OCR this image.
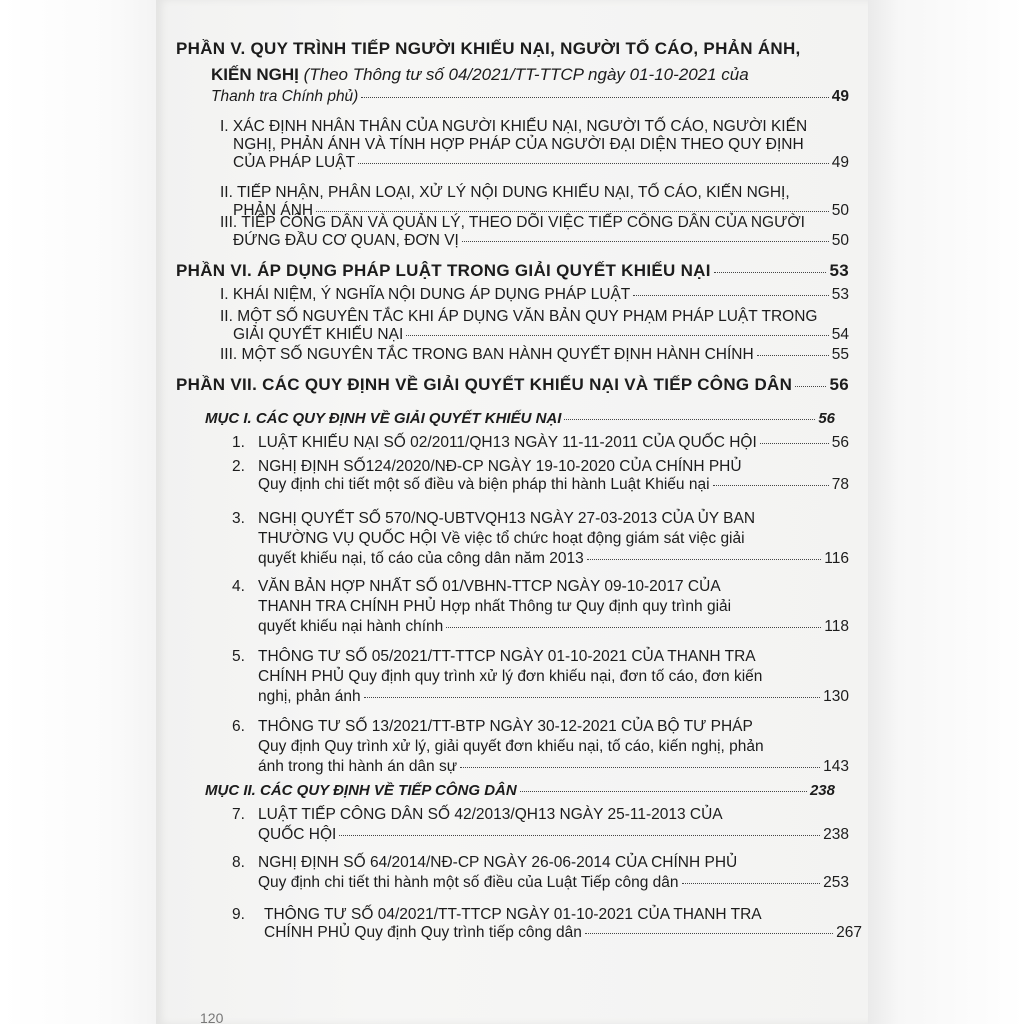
PHẦN V. QUY TRÌNH TIẾP NGƯỜI KHIẾU NẠI, NGƯỜI TỐ CÁO, PHẢN ÁNH,
KIẾN NGHỊ (Theo Thông tư số 04/2021/TT-TTCP ngày 01-10-2021 của
Thanh tra Chính phủ)	49
I. XÁC ĐỊNH NHÂN THÂN CỦA NGƯỜI KHIẾU NẠI, NGƯỜI TỐ CÁO, NGƯỜI KIẾN
NGHỊ, PHẢN ÁNH VÀ TÍNH HỢP PHÁP CỦA NGƯỜI ĐẠI DIỆN THEO QUY ĐỊNH
CỦA PHÁP LUẬT	49
II. TIẾP NHẬN, PHÂN LOẠI, XỬ LÝ NỘI DUNG KHIẾU NẠI, TỐ CÁO, KIẾN NGHỊ,
PHẢN ÁNH	50
III. TIẾP CÔNG DÂN VÀ QUẢN LÝ, THEO DÕI VIỆC TIẾP CÔNG DÂN CỦA NGƯỜI
ĐỨNG ĐẦU CƠ QUAN, ĐƠN VỊ	50
PHẦN VI. ÁP DỤNG PHÁP LUẬT TRONG GIẢI QUYẾT KHIẾU NẠI	53
I. KHÁI NIỆM, Ý NGHĨA NỘI DUNG ÁP DỤNG PHÁP LUẬT	53
II. MỘT SỐ NGUYÊN TẮC KHI ÁP DỤNG VĂN BẢN QUY PHẠM PHÁP LUẬT TRONG
GIẢI QUYẾT KHIẾU NẠI	54
III. MỘT SỐ NGUYÊN TẮC TRONG BAN HÀNH QUYẾT ĐỊNH HÀNH CHÍNH	55
PHẦN VII. CÁC QUY ĐỊNH VỀ GIẢI QUYẾT KHIẾU NẠI VÀ TIẾP CÔNG DÂN 56
MỤC I. CÁC QUY ĐỊNH VỀ GIẢI QUYẾT KHIẾU NẠI	56
1. LUẬT KHIẾU NẠI SỐ 02/2011/QH13 NGÀY 11-11-2011 CỦA QUỐC HỘI	56
2. NGHỊ ĐỊNH SỐ124/2020/NĐ-CP NGÀY 19-10-2020 CỦA CHÍNH PHỦ
Quy định chi tiết một số điều và biện pháp thi hành Luật Khiếu nại	78
3. NGHỊ QUYẾT SỐ 570/NQ-UBTVQH13 NGÀY 27-03-2013 CỦA ỦY BAN
THƯỜNG VỤ QUỐC HỘI Về việc tổ chức hoạt động giám sát việc giải
quyết khiếu nại, tố cáo của công dân năm 2013	116
4. VĂN BẢN HỢP NHẤT SỐ 01/VBHN-TTCP NGÀY 09-10-2017 CỦA
THANH TRA CHÍNH PHỦ Hợp nhất Thông tư Quy định quy trình giải
quyết khiếu nại hành chính	118
5. THÔNG TƯ SỐ 05/2021/TT-TTCP NGÀY 01-10-2021 CỦA THANH TRA
CHÍNH PHỦ Quy định quy trình xử lý đơn khiếu nại, đơn tố cáo, đơn kiến
nghị, phản ánh	130
6. THÔNG TƯ SỐ 13/2021/TT-BTP NGÀY 30-12-2021 CỦA BỘ TƯ PHÁP
Quy định Quy trình xử lý, giải quyết đơn khiếu nại, tố cáo, kiến nghị, phản
ánh trong thi hành án dân sự	143
MỤC II. CÁC QUY ĐỊNH VỀ TIẾP CÔNG DÂN	238
7. LUẬT TIẾP CÔNG DÂN SỐ 42/2013/QH13 NGÀY 25-11-2013 CỦA
QUỐC HỘI	238
8. NGHỊ ĐỊNH SỐ 64/2014/NĐ-CP NGÀY 26-06-2014 CỦA CHÍNH PHỦ
Quy định chi tiết thi hành một số điều của Luật Tiếp công dân	253
9. THÔNG TƯ SỐ 04/2021/TT-TTCP NGÀY 01-10-2021 CỦA THANH TRA
CHÍNH PHỦ Quy định Quy trình tiếp công dân	267
120
